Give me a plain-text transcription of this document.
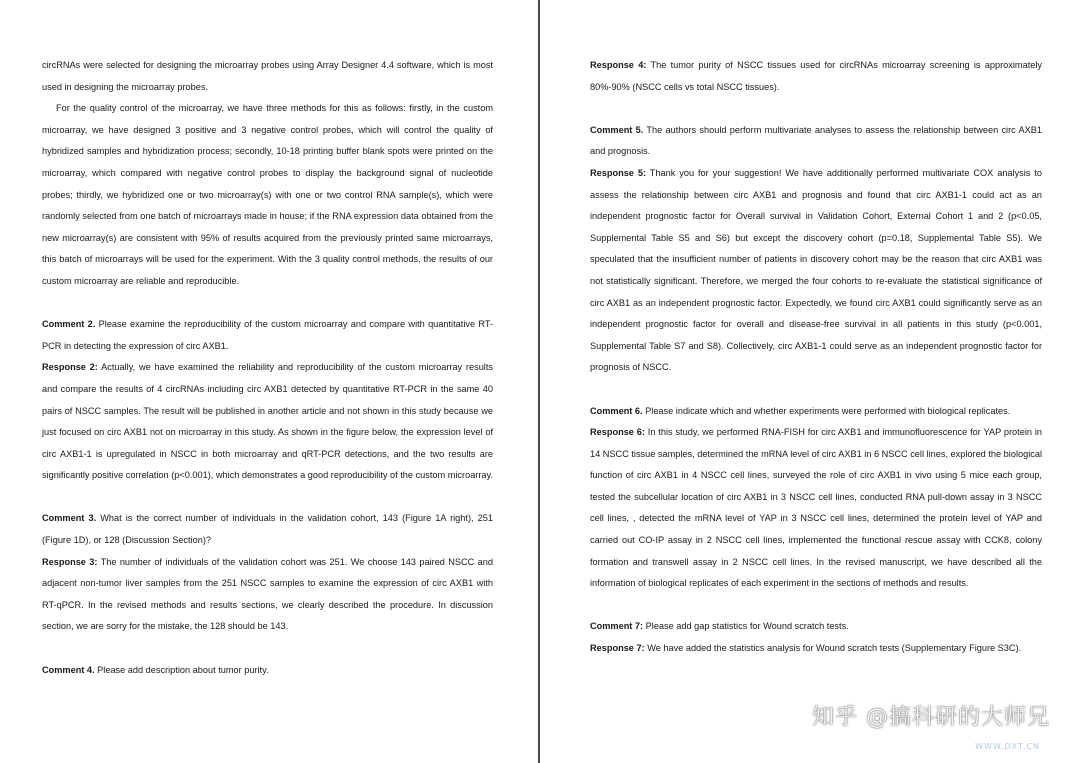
circRNAs were selected for designing the microarray probes using Array Designer 4.4 software, which is most used in designing the microarray probes.

For the quality control of the microarray, we have three methods for this as follows: firstly, in the custom microarray, we have designed 3 positive and 3 negative control probes, which will control the quality of hybridized samples and hybridization process; secondly, 10-18 printing buffer blank spots were printed on the microarray, which compared with negative control probes to display the background signal of nucleotide probes; thirdly, we hybridized one or two microarray(s) with one or two control RNA sample(s), which were randomly selected from one batch of microarrays made in house; if the RNA expression data obtained from the new microarray(s) are consistent with 95% of results acquired from the previously printed same microarrays, this batch of microarrays will be used for the experiment. With the 3 quality control methods, the results of our custom microarray are reliable and reproducible.

Comment 2. Please examine the reproducibility of the custom microarray and compare with quantitative RT-PCR in detecting the expression of circ AXB1.

Response 2: Actually, we have examined the reliability and reproducibility of the custom microarray results and compare the results of 4 circRNAs including circ AXB1 detected by quantitative RT-PCR in the same 40 pairs of NSCC samples. The result will be published in another article and not shown in this study because we just focused on circ AXB1 not on microarray in this study. As shown in the figure below, the expression level of circ AXB1-1 is upregulated in NSCC in both microarray and qRT-PCR detections, and the two results are significantly positive correlation (p<0.001), which demonstrates a good reproducibility of the custom microarray.

Comment 3. What is the correct number of individuals in the validation cohort, 143 (Figure 1A right), 251 (Figure 1D), or 128 (Discussion Section)?

Response 3: The number of individuals of the validation cohort was 251. We choose 143 paired NSCC and adjacent non-tumor liver samples from the 251 NSCC samples to examine the expression of circ AXB1 with RT-qPCR. In the revised methods and results sections, we clearly described the procedure. In discussion section, we are sorry for the mistake, the 128 should be 143.

Comment 4. Please add description about tumor purity.

Response 4: The tumor purity of NSCC tissues used for circRNAs microarray screening is approximately 80%-90% (NSCC cells vs total NSCC tissues).

Comment 5. The authors should perform multivariate analyses to assess the relationship between circ AXB1 and prognosis.

Response 5: Thank you for your suggestion! We have additionally performed multivariate COX analysis to assess the relationship between circ AXB1 and prognosis and found that circ AXB1-1 could act as an independent prognostic factor for Overall survival in Validation Cohort, External Cohort 1 and 2 (p<0.05, Supplemental Table S5 and S6) but except the discovery cohort (p=0.18, Supplemental Table S5). We speculated that the insufficient number of patients in discovery cohort may be the reason that circ AXB1 was not statistically significant. Therefore, we merged the four cohorts to re-evaluate the statistical significance of circ AXB1 as an independent prognostic factor. Expectedly, we found circ AXB1 could significantly serve as an independent prognostic factor for overall and disease-free survival in all patients in this study (p<0.001, Supplemental Table S7 and S8). Collectively, circ AXB1-1 could serve as an independent prognostic factor for prognosis of NSCC.

Comment 6. Please indicate which and whether experiments were performed with biological replicates.

Response 6: In this study, we performed RNA-FISH for circ AXB1 and immunofluorescence for YAP protein in 14 NSCC tissue samples, determined the mRNA level of circ AXB1 in 6 NSCC cell lines, explored the biological function of circ AXB1 in 4 NSCC cell lines, surveyed the role of circ AXB1 in vivo using 5 mice each group, tested the subcellular location of circ AXB1 in 3 NSCC cell lines, conducted RNA pull-down assay in 3 NSCC cell lines, , detected the mRNA level of YAP in 3 NSCC cell lines, determined the protein level of YAP and carried out CO-IP assay in 2 NSCC cell lines, implemented the functional rescue assay with CCK8, colony formation and transwell assay in 2 NSCC cell lines. In the revised manuscript, we have described all the information of biological replicates of each experiment in the sections of methods and results.

Comment 7: Please add gap statistics for Wound scratch tests.

Response 7: We have added the statistics analysis for Wound scratch tests (Supplementary Figure S3C).

知乎 @搞科研的大师兄
WWW.DXT.CN
